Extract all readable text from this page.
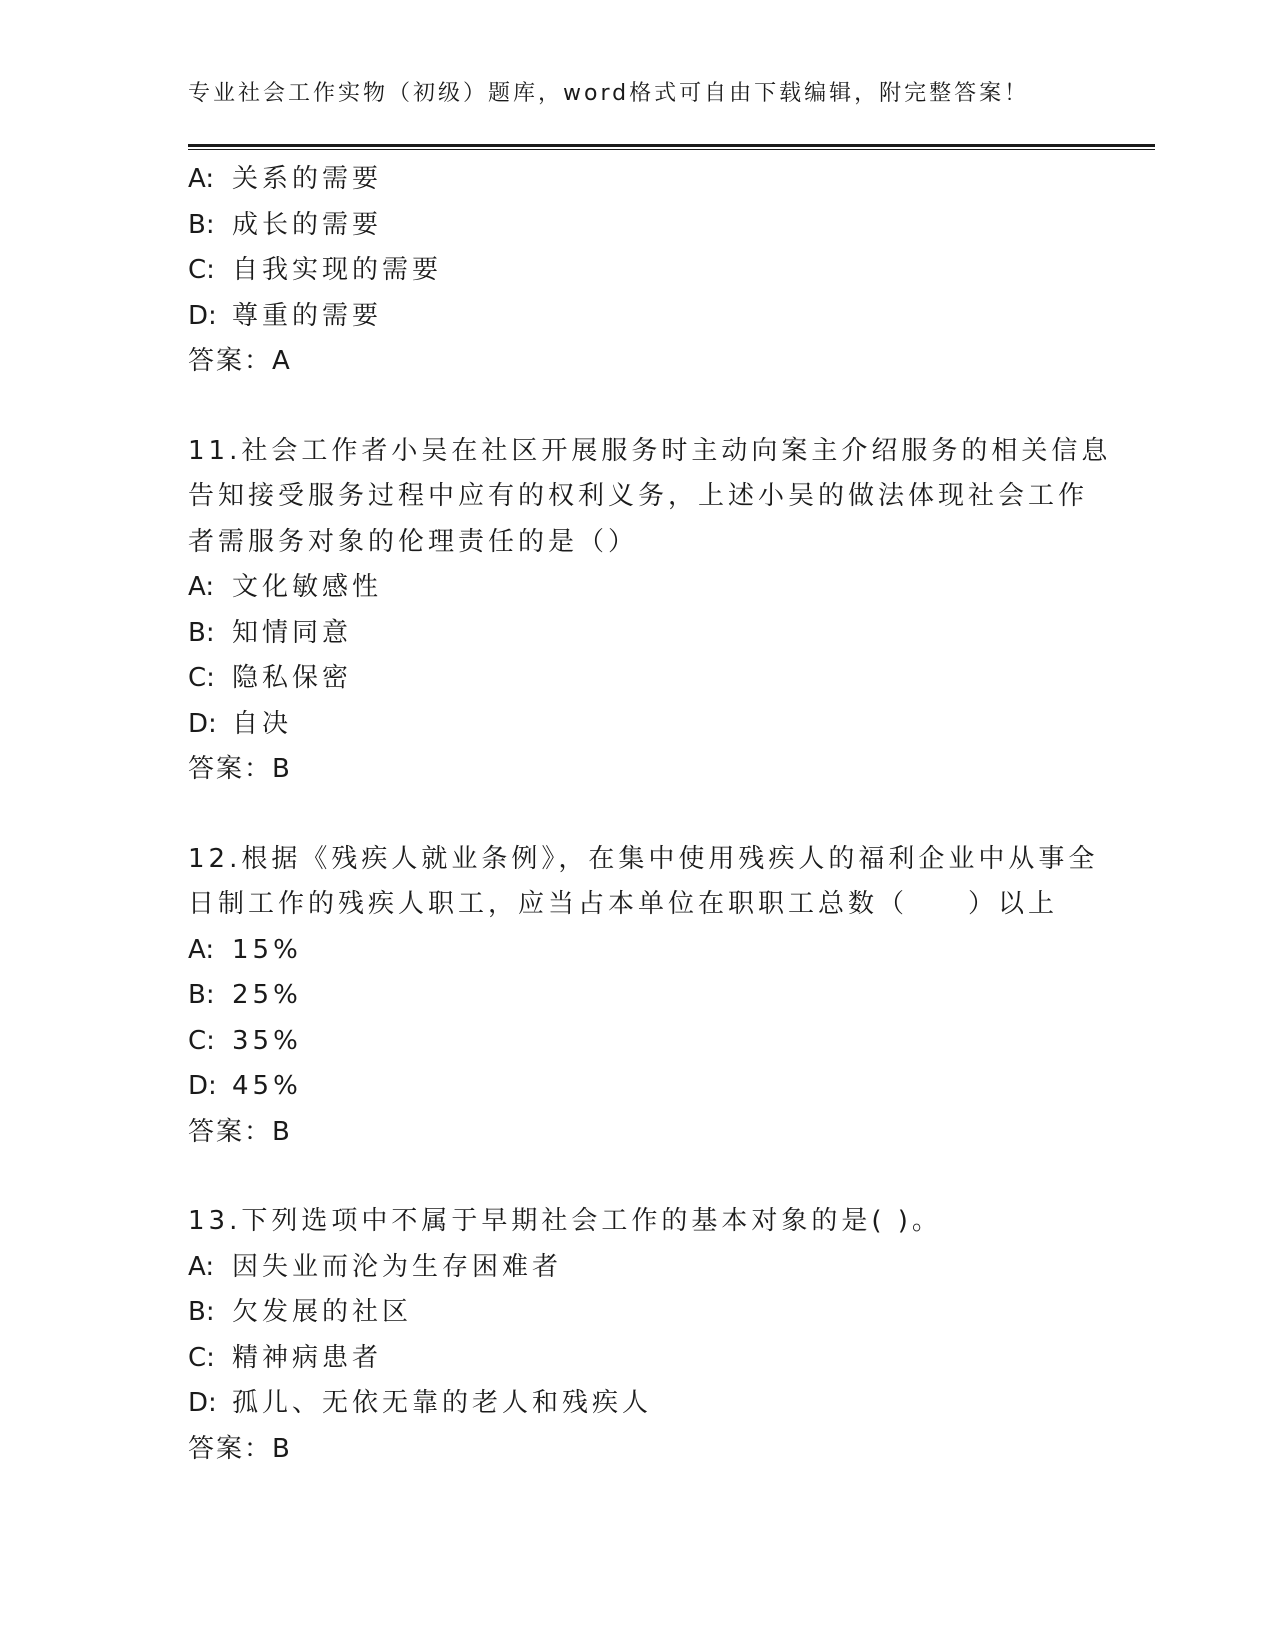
专业社会工作实物（初级）题库，word格式可自由下载编辑，附完整答案！
A: 关系的需要
B: 成长的需要
C: 自我实现的需要
D: 尊重的需要
答案：A
11.社会工作者小吴在社区开展服务时主动向案主介绍服务的相关信息
告知接受服务过程中应有的权利义务，上述小吴的做法体现社会工作
者需服务对象的伦理责任的是（）
A: 文化敏感性
B: 知情同意
C: 隐私保密
D: 自决
答案：B
12.根据《残疾人就业条例》，在集中使用残疾人的福利企业中从事全
日制工作的残疾人职工，应当占本单位在职职工总数（　　）以上
A: 15%
B: 25%
C: 35%
D: 45%
答案：B
13.下列选项中不属于早期社会工作的基本对象的是( )。
A: 因失业而沦为生存困难者
B: 欠发展的社区
C: 精神病患者
D: 孤儿、无依无靠的老人和残疾人
答案：B
